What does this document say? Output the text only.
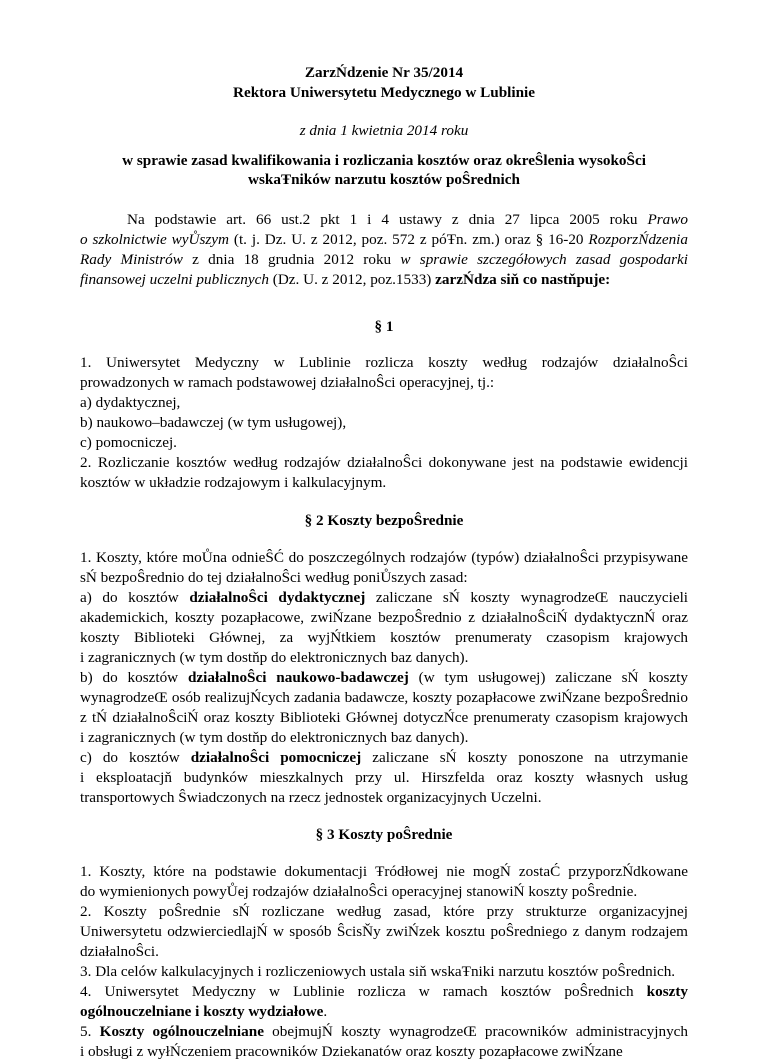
ZarzŃdzenie Nr 35/2014
Rektora Uniwersytetu Medycznego w Lublinie
z dnia 1 kwietnia 2014 roku
w sprawie zasad kwalifikowania i rozliczania kosztów oraz okreŜlenia wysokoŜci
wskaŦników narzutu kosztów poŜrednich
Na podstawie art. 66 ust.2 pkt 1 i 4 ustawy z dnia 27 lipca 2005 roku Prawo
o szkolnictwie wyŮszym (t. j. Dz. U. z 2012, poz. 572 z póŦn. zm.) oraz § 16-20 RozporzŃdzenia
Rady Ministrów z dnia 18 grudnia 2012 roku w sprawie szczegółowych zasad gospodarki
finansowej uczelni publicznych (Dz. U. z 2012, poz.1533) zarzŃdza siň co nastňpuje:
§ 1
1. Uniwersytet Medyczny w Lublinie rozlicza koszty według rodzajów działalnoŜci
prowadzonych w ramach podstawowej działalnoŜci operacyjnej, tj.:
a) dydaktycznej,
b) naukowo–badawczej (w tym usługowej),
c) pomocniczej.
2. Rozliczanie kosztów według rodzajów działalnoŜci dokonywane jest na podstawie ewidencji
kosztów w układzie rodzajowym i kalkulacyjnym.
§ 2 Koszty bezpoŜrednie
1. Koszty, które moŮna odnieŜĆ do poszczególnych rodzajów (typów) działalnoŜci przypisywane
sŃ bezpoŜrednio do tej działalnoŜci według poniŮszych zasad:
a) do kosztów działalnoŜci dydaktycznej zaliczane sŃ koszty wynagrodzeŒ nauczycieli
akademickich, koszty pozapłacowe, zwiŃzane bezpoŜrednio z działalnoŜciŃ dydaktycznŃ oraz
koszty Biblioteki Głównej, za wyjŃtkiem kosztów prenumeraty czasopism krajowych
i zagranicznych (w tym dostňp do elektronicznych baz danych).
b) do kosztów działalnoŜci naukowo-badawczej (w tym usługowej) zaliczane sŃ koszty
wynagrodzeŒ osób realizujŃcych zadania badawcze, koszty pozapłacowe zwiŃzane bezpoŜrednio
z tŃ działalnoŜciŃ oraz koszty Biblioteki Głównej dotyczŃce prenumeraty czasopism krajowych
i zagranicznych (w tym dostňp do elektronicznych baz danych).
c) do kosztów działalnoŜci pomocniczej zaliczane sŃ koszty ponoszone na utrzymanie
i eksploatacjň budynków mieszkalnych przy ul. Hirszfelda oraz koszty własnych usług
transportowych Ŝwiadczonych na rzecz jednostek organizacyjnych Uczelni.
§ 3 Koszty poŜrednie
1. Koszty, które na podstawie dokumentacji Ŧródłowej nie mogŃ zostaĆ przyporzŃdkowane
do wymienionych powyŮej rodzajów działalnoŜci operacyjnej stanowiŃ koszty poŜrednie.
2. Koszty poŜrednie sŃ rozliczane według zasad, które przy strukturze organizacyjnej
Uniwersytetu odzwierciedlajŃ w sposób ŜcisŇy zwiŃzek kosztu poŜredniego z danym rodzajem
działalnoŜci.
3. Dla celów kalkulacyjnych i rozliczeniowych ustala siň wskaŦniki narzutu kosztów poŜrednich.
4. Uniwersytet Medyczny w Lublinie rozlicza w ramach kosztów poŜrednich koszty
ogólnouczelniane i koszty wydziałowe.
5. Koszty ogólnouczelniane obejmujŃ koszty wynagrodzeŒ pracowników administracyjnych
i obsługi z wyłŃczeniem pracowników Dziekanatów oraz koszty pozapłacowe zwiŃzane
